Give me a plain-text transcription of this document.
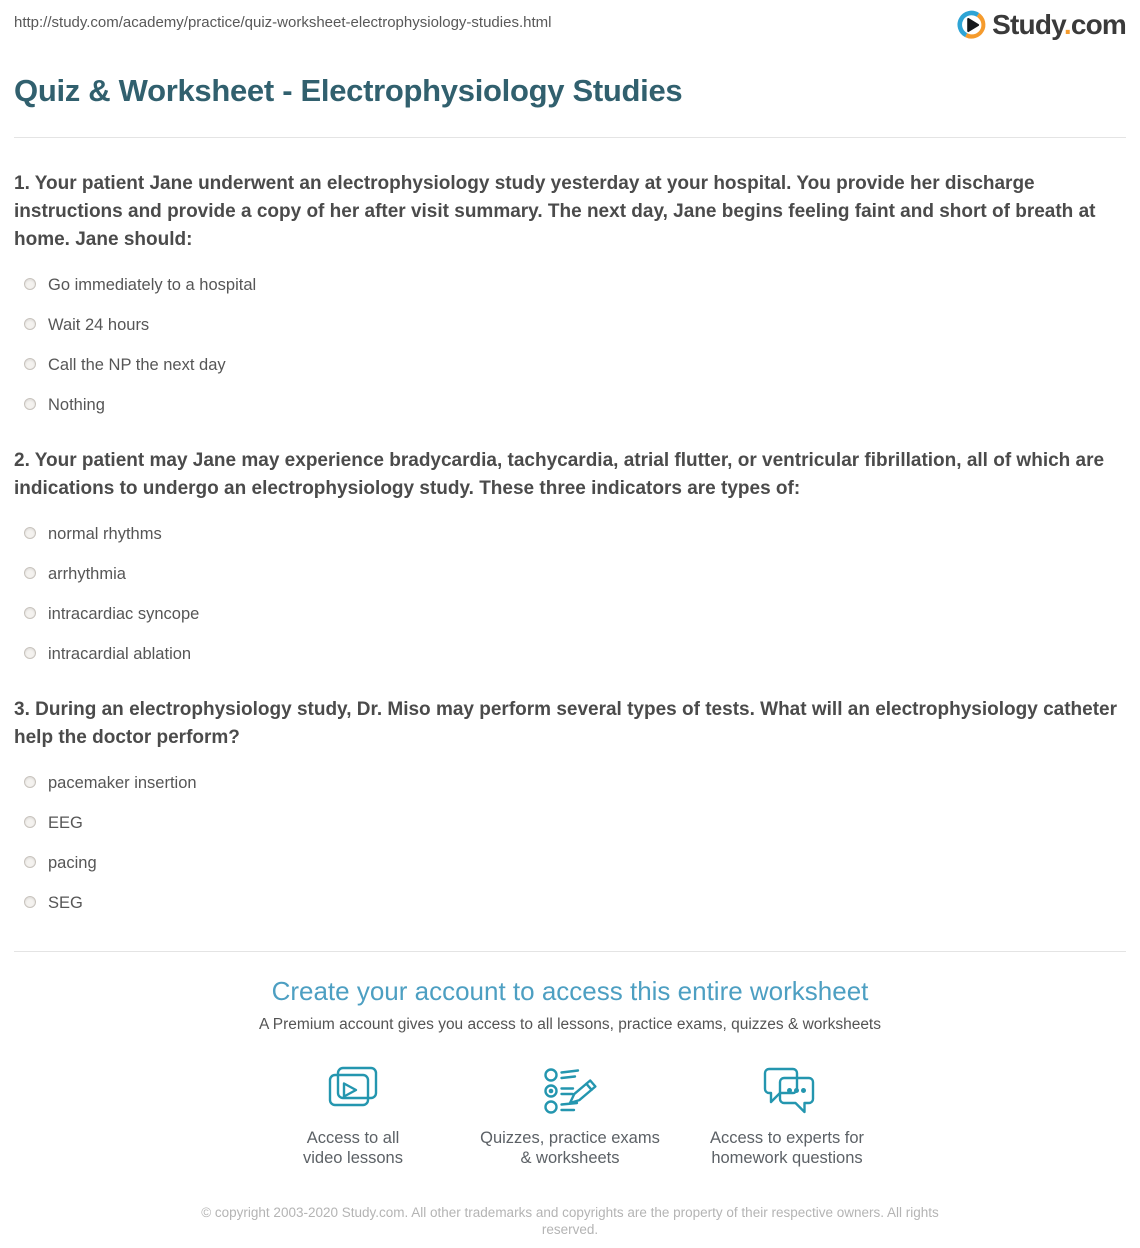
http://study.com/academy/practice/quiz-worksheet-electrophysiology-studies.html	Study.com
Quiz & Worksheet - Electrophysiology Studies

1. Your patient Jane underwent an electrophysiology study yesterday at your hospital. You provide her discharge instructions and provide a copy of her after visit summary. The next day, Jane begins feeling faint and short of breath at home. Jane should:

Go immediately to a hospital
Wait 24 hours
Call the NP the next day
Nothing

2. Your patient may Jane may experience bradycardia, tachycardia, atrial flutter, or ventricular fibrillation, all of which are indications to undergo an electrophysiology study. These three indicators are types of:

normal rhythms
arrhythmia
intracardiac syncope
intracardial ablation

3. During an electrophysiology study, Dr. Miso may perform several types of tests. What will an electrophysiology catheter help the doctor perform?

pacemaker insertion
EEG
pacing
SEG
Create your account to access this entire worksheet

A Premium account gives you access to all lessons, practice exams, quizzes & worksheets

Access to all
video lessons
Quizzes, practice exams
& worksheets
Access to experts for
homework questions

© copyright 2003-2020 Study.com. All other trademarks and copyrights are the property of their respective owners. All rights reserved.
